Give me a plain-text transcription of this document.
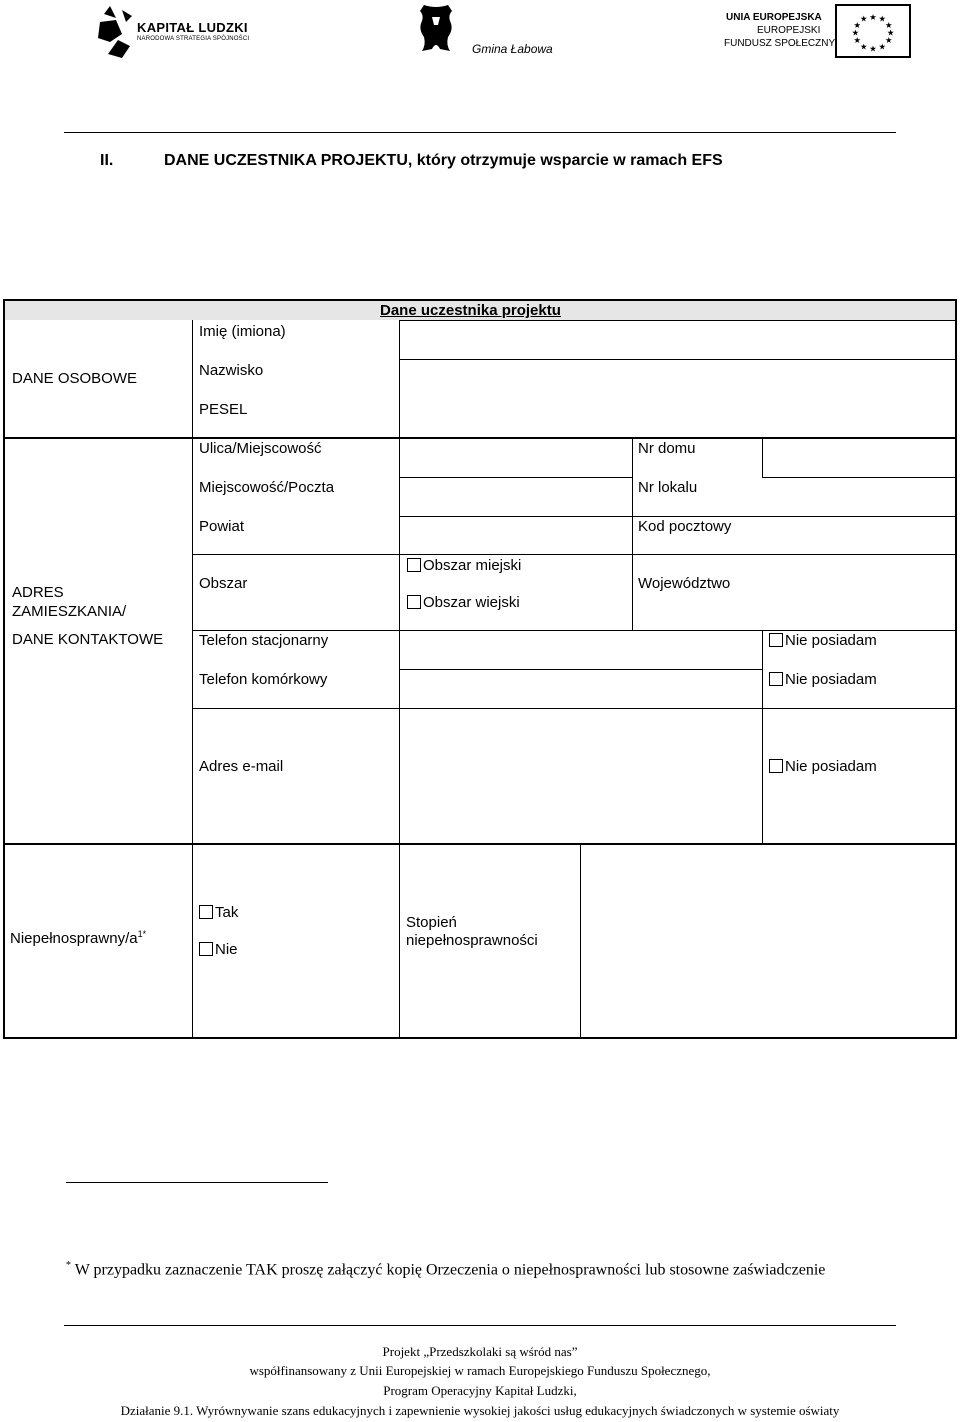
KAPITAŁ LUDZKI
NARODOWA STRATEGIA SPÓJNOŚCI
Gmina Łabowa
UNIA EUROPEJSKA
EUROPEJSKI
FUNDUSZ SPOŁECZNY
★ ★
★
★
★
★
★
★
★
★
★
★
II.	DANE UCZESTNIKA PROJEKTU, który otrzymuje wsparcie w ramach EFS
Dane uczestnika projektu
DANE OSOBOWE
Imię (imiona)
Nazwisko
PESEL
ADRES
ZAMIESZKANIA/
DANE KONTAKTOWE
Ulica/Miejscowość	Nr domu
Miejscowość/Poczta	Nr lokalu
Powiat	Kod pocztowy
Obszar
Obszar miejski
Obszar wiejski
Województwo
Telefon stacjonarny	Nie posiadam
Telefon komórkowy	Nie posiadam
Adres e-mail	Nie posiadam
Niepełnosprawny/$a^{1*}$
Tak
Nie
Stopień
niepełnosprawności
* W przypadku zaznaczenie TAK proszę załączyć kopię Orzeczenia o niepełnosprawności lub stosowne zaświadczenie
Projekt „Przedszkolaki są wśród nas”
współfinansowany z Unii Europejskiej w ramach Europejskiego Funduszu Społecznego,
Program Operacyjny Kapitał Ludzki,
Działanie 9.1. Wyrównywanie szans edukacyjnych i zapewnienie wysokiej jakości usług edukacyjnych świadczonych w systemie oświaty
